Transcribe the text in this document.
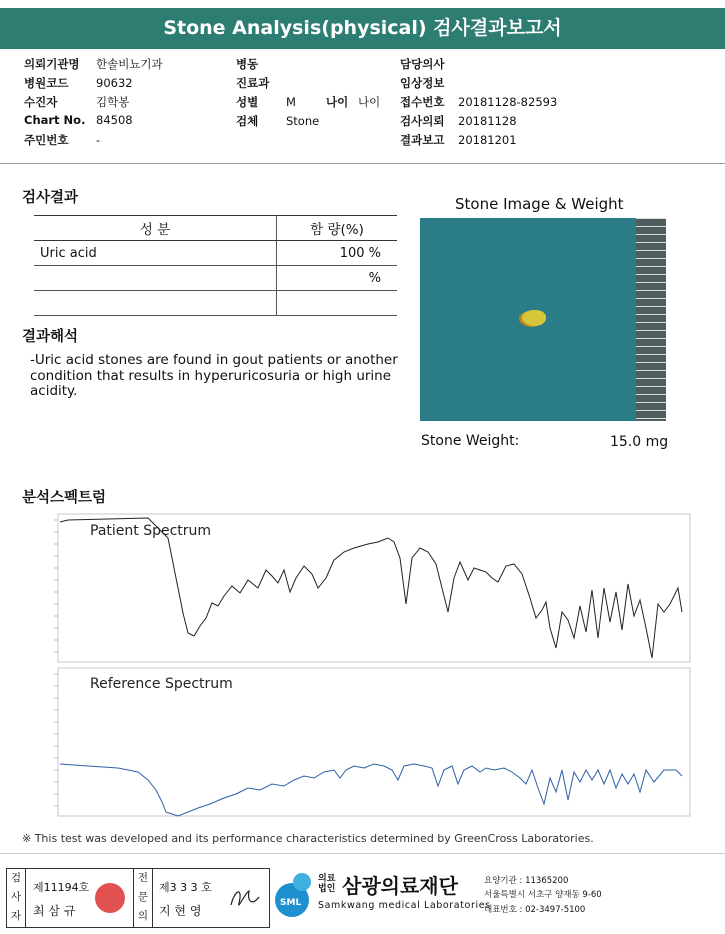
Stone Analysis(physical) 검사결과보고서
의뢰기관명 한솔비뇨기과
병원코드 90632
수진자	김학봉
Chart No. 84508
주민번호 -
병동
진료과
성별 M	나이 나이
검체 Stone
담당의사
임상정보
접수번호 20181128-82593
검사의뢰 20181128
결과보고 20181201
검사결과
성 분	함 량(%)
Uric acid	100 %
	%

결과해석
-Uric acid stones are found in gout patients or another condition that results in hyperuricosuria or high urine acidity.
Stone Image & Weight
Stone Weight:	15.0 mg
분석스펙트럼
Patient Spectrum
Reference Spectrum
※ This test was developed and its performance characteristics determined by GreenCross Laboratories.
검사자
제11194호
최 삼 규
전문의
제3 3 3 호
지 현 영
SML
의료법인 삼광의료재단
Samkwang medical Laboratories
요양기관 : 11365200
서울특별시 서초구 양재동 9-60
대표번호 : 02-3497-5100
